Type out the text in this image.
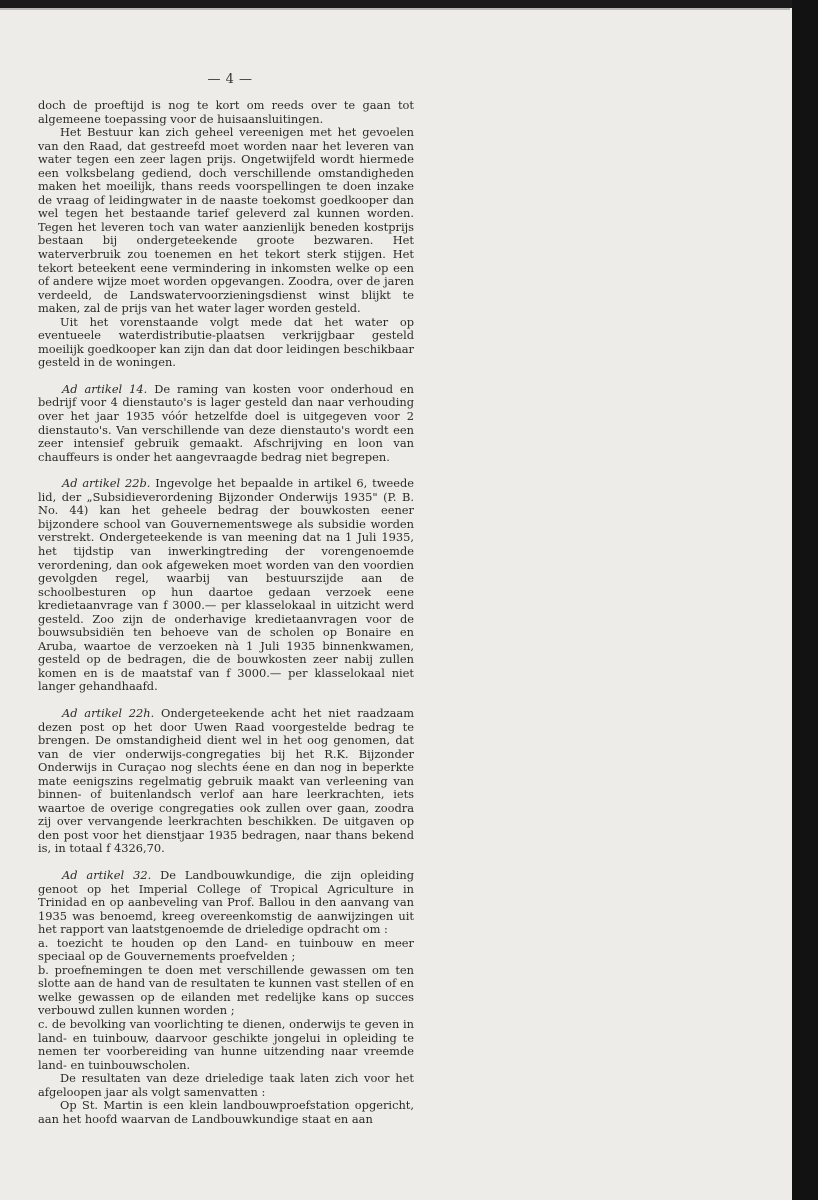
— 4 —

doch de proeftijd is nog te kort om reeds over te gaan tot algemeene toepassing voor de huisaansluitingen.

Het Bestuur kan zich geheel vereenigen met het gevoelen van den Raad, dat gestreefd moet worden naar het leveren van water tegen een zeer lagen prijs. Ongetwijfeld wordt hiermede een volksbelang gediend, doch verschillende omstandigheden maken het moeilijk, thans reeds voorspellingen te doen inzake de vraag of leidingwater in de naaste toekomst goedkooper dan wel tegen het bestaande tarief geleverd zal kunnen worden. Tegen het leveren toch van water aanzienlijk beneden kostprijs bestaan bij ondergeteekende groote bezwaren. Het waterverbruik zou toenemen en het tekort sterk stijgen. Het tekort beteekent eene vermindering in inkomsten welke op een of andere wijze moet worden opgevangen. Zoodra, over de jaren verdeeld, de Landswatervoorzieningsdienst winst blijkt te maken, zal de prijs van het water lager worden gesteld.

Uit het vorenstaande volgt mede dat het water op eventueele waterdistributie-plaatsen verkrijgbaar gesteld moeilijk goedkooper kan zijn dan dat door leidingen beschikbaar gesteld in de woningen.

Ad artikel 14. De raming van kosten voor onderhoud en bedrijf voor 4 dienstauto's is lager gesteld dan naar verhouding over het jaar 1935 vóór hetzelfde doel is uitgegeven voor 2 dienstauto's. Van verschillende van deze dienstauto's wordt een zeer intensief gebruik gemaakt. Afschrijving en loon van chauffeurs is onder het aangevraagde bedrag niet begrepen.

Ad artikel 22b. Ingevolge het bepaalde in artikel 6, tweede lid, der „Subsidieverordening Bijzonder Onderwijs 1935" (P. B. No. 44) kan het geheele bedrag der bouwkosten eener bijzondere school van Gouvernementswege als subsidie worden verstrekt. Ondergeteekende is van meening dat na 1 Juli 1935, het tijdstip van inwerkingtreding der vorengenoemde verordening, dan ook afgeweken moet worden van den voordien gevolgden regel, waarbij van bestuurszijde aan de schoolbesturen op hun daartoe gedaan verzoek eene kredietaanvrage van f 3000.— per klasselokaal in uitzicht werd gesteld. Zoo zijn de onderhavige kredietaanvragen voor de bouwsubsidiën ten behoeve van de scholen op Bonaire en Aruba, waartoe de verzoeken nà 1 Juli 1935 binnenkwamen, gesteld op de bedragen, die de bouwkosten zeer nabij zullen komen en is de maatstaf van f 3000.— per klasselokaal niet langer gehandhaafd.

Ad artikel 22h. Ondergeteekende acht het niet raadzaam dezen post op het door Uwen Raad voorgestelde bedrag te brengen. De omstandigheid dient wel in het oog genomen, dat van de vier onderwijs-congregaties bij het R.K. Bijzonder Onderwijs in Curaçao nog slechts éene en dan nog in beperkte mate eenigszins regelmatig gebruik maakt van verleening van binnen- of buitenlandsch verlof aan hare leerkrachten, iets waartoe de overige congregaties ook zullen over gaan, zoodra zij over vervangende leerkrachten beschikken. De uitgaven op den post voor het dienstjaar 1935 bedragen, naar thans bekend is, in totaal f 4326,70.

Ad artikel 32. De Landbouwkundige, die zijn opleiding genoot op het Imperial College of Tropical Agriculture in Trinidad en op aanbeveling van Prof. Ballou in den aanvang van 1935 was benoemd, kreeg overeenkomstig de aanwijzingen uit het rapport van laatstgenoemde de drieledige opdracht om :

a. toezicht te houden op den Land- en tuinbouw en meer speciaal op de Gouvernements proefvelden ;

b. proefnemingen te doen met verschillende gewassen om ten slotte aan de hand van de resultaten te kunnen vast stellen of en welke gewassen op de eilanden met redelijke kans op succes verbouwd zullen kunnen worden ;

c. de bevolking van voorlichting te dienen, onderwijs te geven in land- en tuinbouw, daarvoor geschikte jongelui in opleiding te nemen ter voorbereiding van hunne uitzending naar vreemde land- en tuinbouwscholen.

De resultaten van deze drieledige taak laten zich voor het afgeloopen jaar als volgt samenvatten :

Op St. Martin is een klein landbouwproefstation opgericht, aan het hoofd waarvan de Landbouwkundige staat en aan
